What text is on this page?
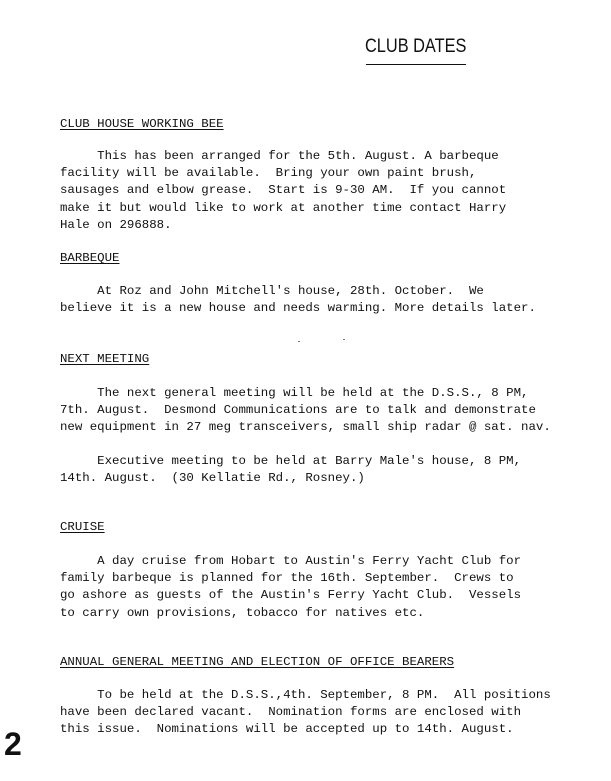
CLUB DATES
CLUB HOUSE WORKING BEE
This has been arranged for the 5th. August. A barbeque
facility will be available.  Bring your own paint brush,
sausages and elbow grease.  Start is 9-30 AM.  If you cannot
make it but would like to work at another time contact Harry
Hale on 296888.
BARBEQUE
At Roz and John Mitchell's house, 28th. October.  We
believe it is a new house and needs warming. More details later.
NEXT MEETING
The next general meeting will be held at the D.S.S., 8 PM,
7th. August.  Desmond Communications are to talk and demonstrate
new equipment in 27 meg transceivers, small ship radar @ sat. nav.
Executive meeting to be held at Barry Male's house, 8 PM,
14th. August.  (30 Kellatie Rd., Rosney.)
CRUISE
A day cruise from Hobart to Austin's Ferry Yacht Club for
family barbeque is planned for the 16th. September.  Crews to
go ashore as guests of the Austin's Ferry Yacht Club.  Vessels
to carry own provisions, tobacco for natives etc.
ANNUAL GENERAL MEETING AND ELECTION OF OFFICE BEARERS
To be held at the D.S.S.,4th. September, 8 PM.  All positions
have been declared vacant.  Nomination forms are enclosed with
this issue.  Nominations will be accepted up to 14th. August.
2
